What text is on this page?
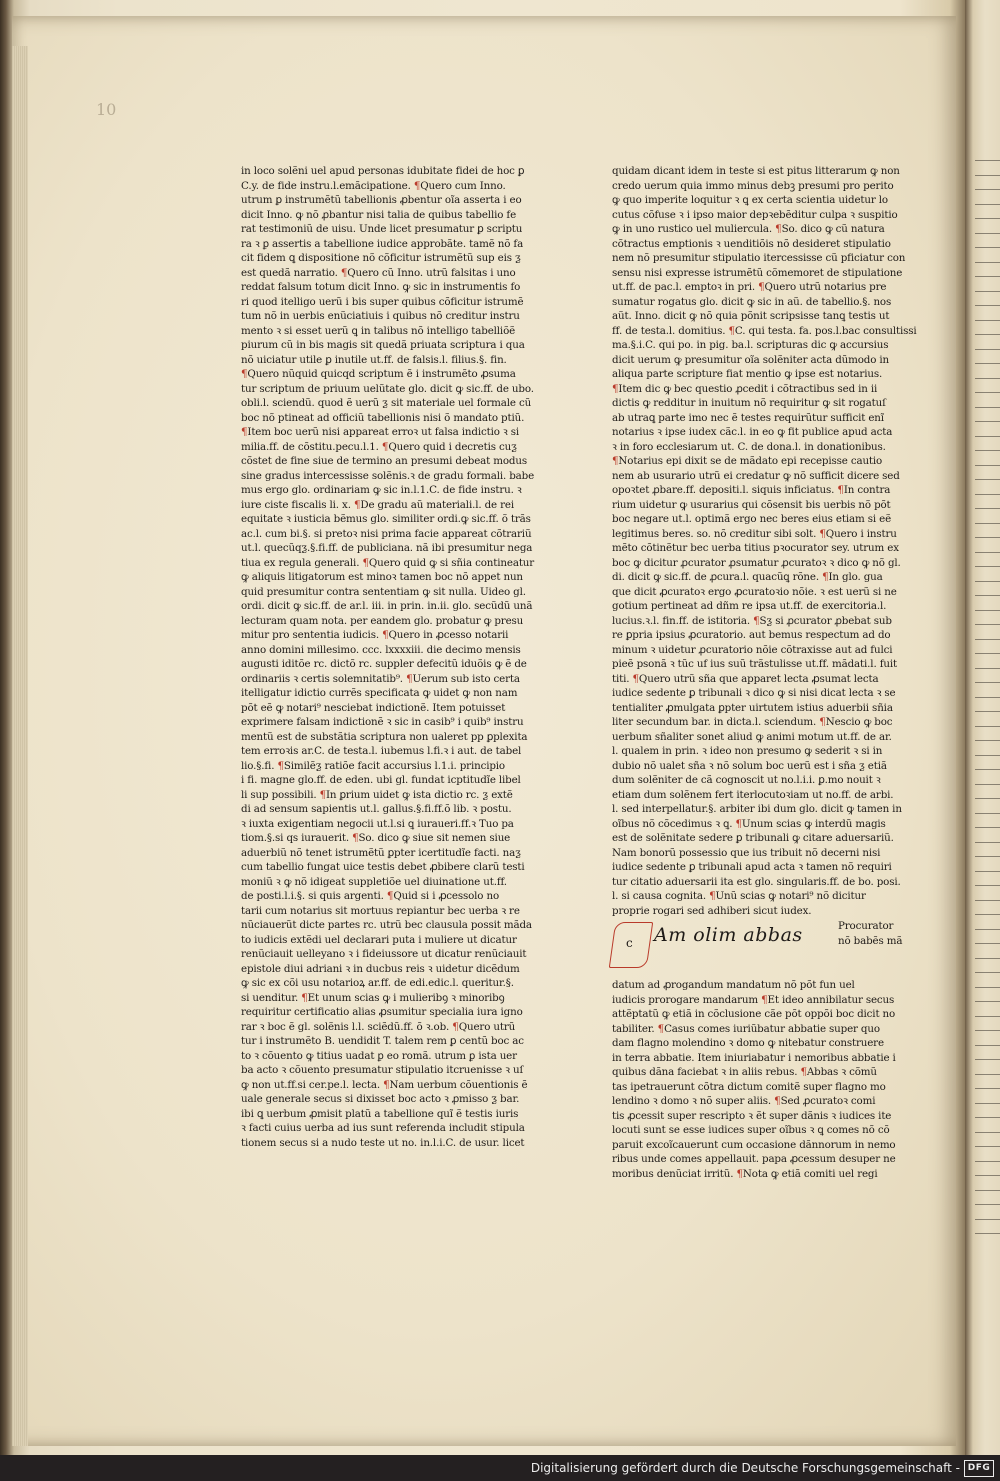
10
in loco solẽni uel apud personas idubitate fidei de hoc ꝑ
C.y. de fide instru.l.emãcipatione. ¶Quero cum Inno.
utrum ꝑ instrumẽtũ tabellionis ꝓbentur oĩa asserta i eo
dicit Inno. ꝙ nõ ꝓbantur nisi talia de quibus tabellio fe
rat testimoniũ de uisu. Unde licet presumatur ꝑ scriptu
ra ꝛ ꝑ assertis a tabellione iudice approbãte. tamẽ nõ fa
cit fidem ꝗ dispositione nõ cõficitur istrumẽtũ sup eis ƺ
est quedã narratio. ¶Quero cũ Inno. utrũ falsitas i uno
reddat falsum totum dicit Inno. ꝙ sic in instrumentis fo
ri quod itelligo uerũ i bis super quibus cõficitur istrumẽ
tum nõ in uerbis enũciatiuis i quibus nõ creditur instru
mento ꝛ si esset uerũ ꝗ in talibus nõ intelligo tabelliõẽ
piurum cũ in bis magis sit quedã priuata scriptura i qua
nõ uiciatur utile ꝑ inutile ut.ff. de falsis.l. filius.§. fin.
¶Quero nũquid quicqd scriptum ẽ i instrumẽto ꝓsuma
tur scriptum de priuum uelũtate glo. dicit ꝙ sic.ff. de ubo.
obli.l. sciendũ. quod ẽ uerũ ƺ sit materiale uel formale cũ
boc nõ ptineat ad officiũ tabellionis nisi õ mandato ptiũ.
¶Item boc uerũ nisi appareat erroꝛ ut falsa indictio ꝛ si
milia.ff. de cõstitu.pecu.l.1. ¶Quero quid i decretis cuƺ
cõstet de fine siue de termino an presumi debeat modus
sine gradus intercessisse solẽnis.ꝛ de gradu formali. babe
mus ergo glo. ordinariam ꝙ sic in.l.1.C. de fide instru. ꝛ
iure ciste fiscalis li. x. ¶De gradu aũ materiali.l. de rei
equitate ꝛ iusticia bẽmus glo. similiter ordi.ꝙ sic.ff. õ trãs
ac.l. cum bi.§. si pretoꝛ nisi prima facie appareat cõtrariũ
ut.l. quecũqƺ.§.fi.ff. de publiciana. nã ibi presumitur nega
tiua ex regula generali. ¶Quero quid ꝙ si sñia contineatur
ꝙ aliquis litigatorum est minoꝛ tamen boc nõ appet nun
quid presumitur contra sententiam ꝙ sit nulla. Uideo gl.
ordi. dicit ꝙ sic.ff. de ar.l. iii. in prin. in.ii. glo. secũdũ unã
lecturam quam nota. per eandem glo. probatur ꝙ presu
mitur pro sententia iudicis. ¶Quero in ꝓcesso notarii
anno domini millesimo. ccc. lxxxxiii. die decimo mensis
augusti iditõe rc. dictõ rc. suppler defecitũ iduõis ꝙ ẽ de
ordinariis ꝛ certis solemnitatib⁹. ¶Uerum sub isto certa
itelligatur idictio currẽs specificata ꝙ uidet ꝙ non nam
põt eẽ ꝙ notari⁹ nesciebat indictionẽ. Item potuisset
exprimere falsam indictionẽ ꝛ sic in casib⁹ i quib⁹ instru
mentũ est de substãtia scriptura non ualeret pp ꝑplexita
tem erroꝛis ar.C. de testa.l. iubemus l.fi.ꝛ i aut. de tabel
lio.§.fi. ¶Similẽƺ ratiõe facit accursius l.1.i. principio
i fi. magne glo.ff. de eden. ubi gl. fundat icptitudĩe libel
li sup possibili. ¶In ꝑrium uidet ꝙ ista dictio rc. ƺ extẽ
di ad sensum sapientis ut.l. gallus.§.fi.ff.õ lib. ꝛ postu.
ꝛ iuxta exigentiam negocii ut.l.si ꝗ iuraueri.ff.ꝛ Tuo pa
tiom.§.si qs iurauerit. ¶So. dico ꝙ siue sit nemen siue
aduerbiũ nõ tenet istrumẽtũ ꝑpter icertitudĩe facti. naƺ
cum tabellio fungat uice testis debet ꝓbibere clarũ testi
moniũ ꝛ ꝙ nõ idigeat suppletiõe uel diuinatione ut.ff.
de posti.l.i.§. si quis argenti. ¶Quid si i ꝓcessolo no
tarii cum notarius sit mortuus repiantur bec uerba ꝛ re
nũciauerũt dicte partes rc. utrũ bec clausula possit mãda
to iudicis extẽdi uel declarari puta i muliere ut dicatur
renũciauit uelleyano ꝛ i fideiussore ut dicatur renũciauit
epistole diui adriani ꝛ in ducbus reis ꝛ uidetur dicẽdum
ꝙ sic ex cõi usu notarioꝝ ar.ff. de edi.edic.l. queritur.§.
si uenditur. ¶Et unum scias ꝙ i mulieribꝯ ꝛ minoribꝯ
requiritur certificatio alias ꝓsumitur specialia iura igno
rar ꝛ boc ẽ gl. solẽnis l.l. sciẽdũ.ff. õ ꝛ.ob. ¶Quero utrũ
tur i instrumẽto B. uendidit T. talem rem ꝑ centũ boc ac
to ꝛ cõuento ꝙ titius uadat ꝑ eo romã. utrum ꝑ ista uer
ba acto ꝛ cõuento presumatur stipulatio itcruenisse ꝛ uſ
ꝙ non ut.ff.si cer.pe.l. lecta. ¶Nam uerbum cõuentionis ẽ
uale generale secus si dixisset boc acto ꝛ ꝓmisso ƺ bar.
ibi ꝗ uerbum ꝓmisit platũ a tabellione quĩ ẽ testis iuris
ꝛ facti cuius uerba ad ius sunt referenda includit stipula
tionem secus si a nudo teste ut no. in.l.i.C. de usur. licet
quidam dicant idem in teste si est pitus litterarum ꝙ non
credo uerum quia immo minus debꝫ presumi pro perito
ꝙ quo imperite loquitur ꝛ ꝗ ex certa scientia uidetur lo
cutus cõfuse ꝛ i ipso maior depꝛebẽditur culpa ꝛ suspitio
ꝙ in uno rustico uel muliercula. ¶So. dico ꝙ cũ natura
cõtractus emptionis ꝛ uenditiõis nõ desideret stipulatio
nem nõ presumitur stipulatio itercessisse cũ pficiatur con
sensu nisi expresse istrumẽtũ cõmemoret de stipulatione
ut.ff. de pac.l. emptoꝛ in pri. ¶Quero utrũ notarius pre
sumatur rogatus glo. dicit ꝙ sic in aũ. de tabellio.§. nos
aũt. Inno. dicit ꝙ nõ quia põnit scripsisse tanꝗ testis ut
ff. de testa.l. domitius. ¶C. qui testa. fa. pos.l.bac consultissi
ma.§.i.C. qui po. in pig. ba.l. scripturas dic ꝙ accursius
dicit uerum ꝙ presumitur oĩa solẽniter acta dũmodo in
aliqua parte scripture fiat mentio ꝙ ipse est notarius.
¶Item dic ꝙ bec questio ꝓcedit i cõtractibus sed in ii
dictis ꝙ redditur in inuitum nõ requiritur ꝙ sit rogatuſ
ab utraꝗ parte imo nec ẽ testes requirũtur sufficit enĩ
notarius ꝛ ipse iudex cãc.l. in eo ꝙ fit publice apud acta
ꝛ in foro ecclesiarum ut. C. de dona.l. in donationibus.
¶Notarius epi dixit se de mãdato epi recepisse cautio
nem ab usurario utrũ ei credatur ꝙ nõ sufficit dicere sed
opoꝛtet ꝓbare.ff. depositi.l. siquis inficiatus. ¶In contra
rium uidetur ꝙ usurarius qui cõsensit bis uerbis nõ põt
boc negare ut.l. optimã ergo nec beres eius etiam si eẽ
legitimus beres. so. nõ creditur sibi solt. ¶Quero i instru
mẽto cõtinẽtur bec uerba titius pꝛocurator sey. utrum ex
boc ꝙ dicitur ꝓcurator ꝓsumatur ꝓcuratoꝛ ꝛ dico ꝙ nõ gl.
di. dicit ꝙ sic.ff. de ꝓcura.l. quacũꝗ rõne. ¶In glo. gua
que dicit ꝓcuratoꝛ ergo ꝓcuratoꝛio nõie. ꝛ est uerũ si ne
gotium pertineat ad dñm re ipsa ut.ff. de exercitoria.l.
lucius.ꝛ.l. fin.ff. de istitoria. ¶Sƺ si ꝓcurator ꝓbebat sub
re ꝑpria ipsius ꝓcuratorio. aut bemus respectum ad do
minum ꝛ uidetur ꝓcuratorio nõie cõtraxisse aut ad fulci
pieẽ psonã ꝛ tũc uf ius suũ trãstulisse ut.ff. mãdati.l. fuit
titi. ¶Quero utrũ sña que apparet lecta ꝓsumat lecta
iudice sedente ꝑ tribunali ꝛ dico ꝙ si nisi dicat lecta ꝛ se
tentialiter ꝓmulgata ꝑpter uirtutem istius aduerbii sñia
liter secundum bar. in dicta.l. sciendum. ¶Nescio ꝙ boc
uerbum sñaliter sonet aliud ꝙ animi motum ut.ff. de ar.
l. qualem in prin. ꝛ ideo non presumo ꝙ sederit ꝛ si in
dubio nõ ualet sña ꝛ nõ solum boc uerũ est i sña ƺ etiã
dum solẽniter de cã cognoscit ut no.l.i.i. ꝑ.mo nouit ꝛ
etiam dum solẽnem fert iterlocutoꝛiam ut no.ff. de arbi.
l. sed interpellatur.§. arbiter ibi dum glo. dicit ꝙ tamen in
oĩbus nõ cõcedimus ꝛ ꝗ. ¶Unum scias ꝙ interdũ magis
est de solẽnitate sedere ꝑ tribunali ꝙ citare aduersariũ.
Nam bonorũ possessio que ius tribuit nõ decerni nisi
iudice sedente ꝑ tribunali apud acta ꝛ tamen nõ requiri
tur citatio aduersarii ita est glo. singularis.ff. de bo. posi.
l. si causa cognita. ¶Unũ scias ꝙ notari⁹ nõ dicitur
proprie rogari sed adhiberi sicut iudex.
c Am olim abbas	Procurator
nõ babẽs mã
datum ad ꝓrogandum mandatum nõ põt fun uel
iudicis prorogare mandarum ¶Et ideo annibilatur secus
attẽptatũ ꝙ etiã in cõclusione cãe põt oppõi boc dicit no
tabiliter. ¶Casus comes iuriũbatur abbatie super quo
dam flagno molendino ꝛ domo ꝙ nitebatur construere
in terra abbatie. Item iniuriabatur i nemoribus abbatie i
quibus dãna faciebat ꝛ in aliis rebus. ¶Abbas ꝛ cõmũ
tas ipetrauerunt cõtra dictum comitẽ super flagno mo
lendino ꝛ domo ꝛ nõ super aliis. ¶Sed ꝓcuratoꝛ comi
tis ꝓcessit super rescripto ꝛ ẽt super dãnis ꝛ iudices ite
locuti sunt se esse iudices super oĩbus ꝛ ꝗ comes nõ cõ
paruit excoĩcauerunt cum occasione dãnnorum in nemo
ribus unde comes appellauit. papa ꝓcessum desuper ne
moribus denũciat irritũ. ¶Nota ꝙ etiã comiti uel regi
Digitalisierung gefördert durch die Deutsche Forschungsgemeinschaft - DFG
